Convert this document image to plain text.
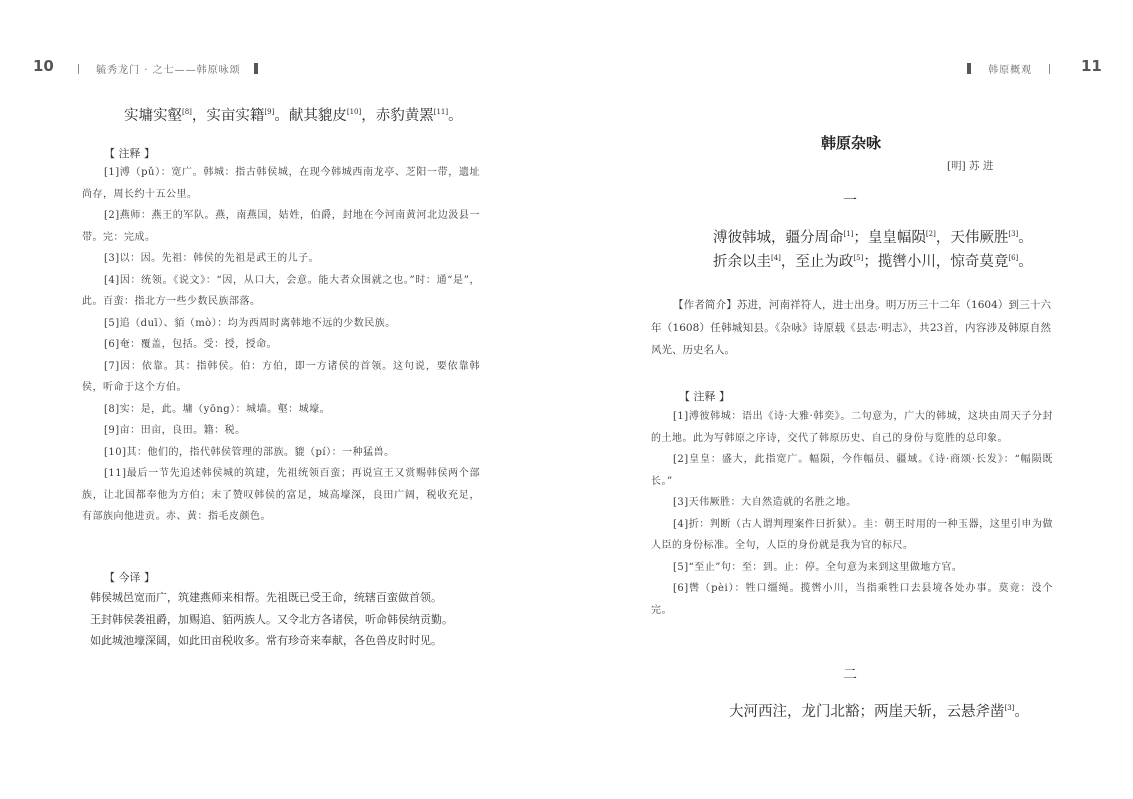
10	毓秀龙门 · 之七——韩原咏颂
实墉实壑[8]，实亩实籍[9]。献其貔皮[10]，赤豹黄罴[11]。
【 注释 】

[1]溥（pǔ）：宽广。韩城：指古韩侯城，在现今韩城西南龙亭、芝阳一带，遗址尚存，周长约十五公里。

[2]燕师：燕王的军队。燕，南燕国，姞姓，伯爵，封地在今河南黄河北边汲县一带。完：完成。

[3]以：因。先祖：韩侯的先祖是武王的儿子。

[4]因：统领。《说文》：“因，从口大，会意。能大者众围就之也。”时：通“是”，此。百蛮：指北方一些少数民族部落。

[5]追（duī）、貊（mò）：均为西周时离韩地不远的少数民族。

[6]奄：覆盖，包括。受：授，授命。

[7]因：依靠。其：指韩侯。伯：方伯，即一方诸侯的首领。这句说，要依靠韩侯，听命于这个方伯。

[8]实：是，此。墉（yōng）：城墙。壑：城壕。

[9]亩：田亩，良田。籍：税。

[10]其：他们的，指代韩侯管理的部族。貔（pí）：一种猛兽。

[11]最后一节先追述韩侯城的筑建，先祖统领百蛮；再说宣王又赏赐韩侯两个部族，让北国都奉他为方伯；末了赞叹韩侯的富足，城高壕深，良田广阔，税收充足，有部族向他进贡。赤、黄：指毛皮颜色。

【 今译 】

韩侯城邑宽而广，筑建燕师来相帮。先祖既已受王命，统辖百蛮做首领。

王封韩侯袭祖爵，加赐追、貊两族人。又令北方各诸侯，听命韩侯纳贡勤。

如此城池壕深阔，如此田亩税收多。常有珍奇来奉献，各色兽皮时时见。

韩原概观	11
韩原杂咏
[明] 苏 进
一
溥彼韩城，疆分周命[1]；皇皇幅陨[2]，天伟厥胜[3]。
折余以圭[4]，至止为政[5]；揽辔小川，惊奇莫竟[6]。

【作者简介】苏进，河南祥符人，进士出身。明万历三十二年（1604）到三十六年（1608）任韩城知县。《杂咏》诗原载《县志·明志》，共23首，内容涉及韩原自然风光、历史名人。

【 注释 】

[1]溥彼韩城：语出《诗·大雅·韩奕》。二句意为，广大的韩城，这块由周天子分封的土地。此为写韩原之序诗，交代了韩原历史、自己的身份与览胜的总印象。

[2]皇皇：盛大，此指宽广。幅陨，今作幅员、疆域。《诗·商颂·长发》：“幅陨既长。”

[3]天伟厥胜：大自然造就的名胜之地。

[4]折：判断（古人谓判理案件曰折狱）。圭：朝王时用的一种玉器，这里引申为做人臣的身份标准。全句，人臣的身份就是我为官的标尺。

[5]“至止”句：至：到。止：停。全句意为来到这里做地方官。

[6]辔（pèi）：牲口缰绳。揽辔小川，当指乘牲口去县境各处办事。莫竟：没个完。

二
大河西注，龙门北豁；两崖天斩，云悬斧凿[3]。
